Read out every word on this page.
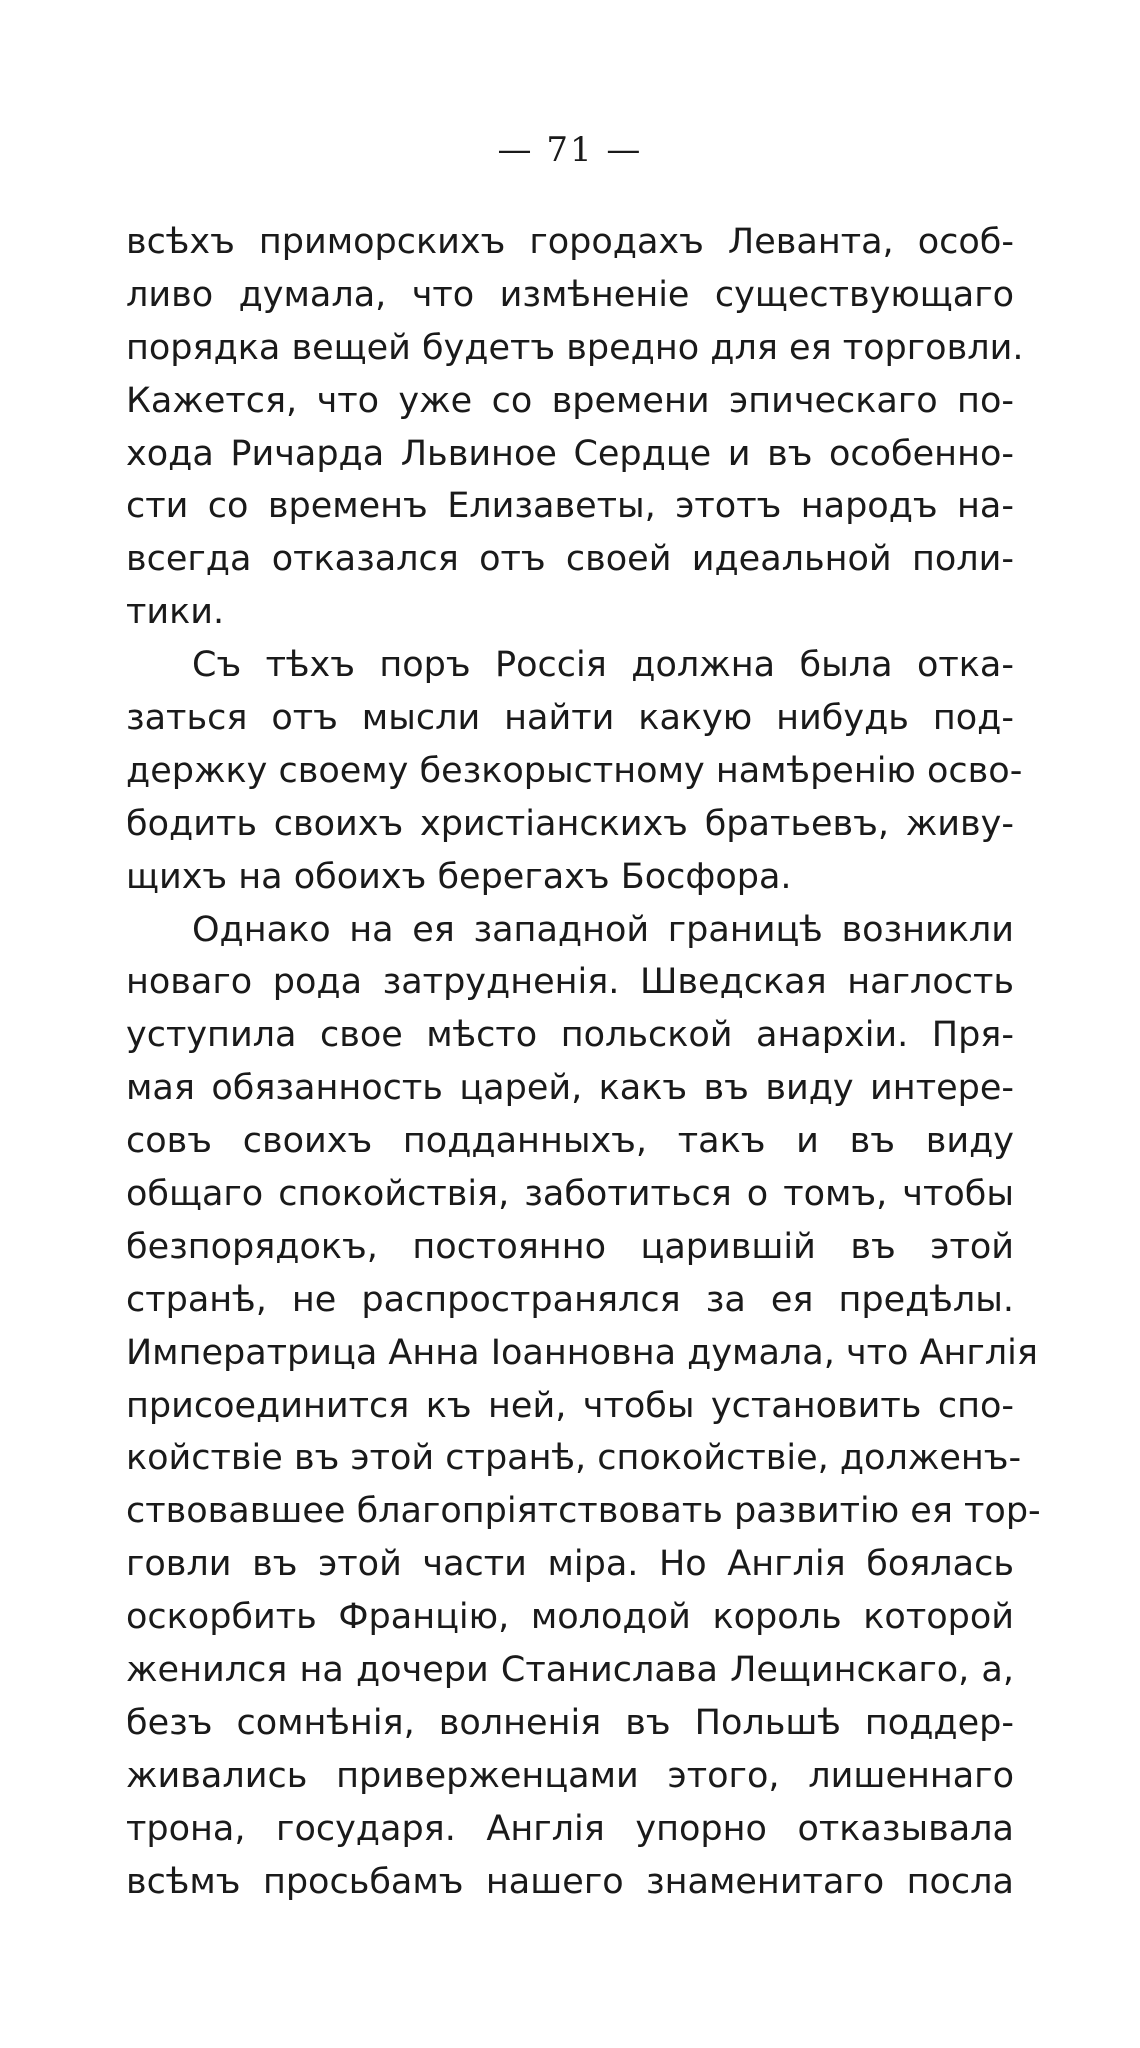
— 71 —
всѣхъ приморскихъ городахъ Леванта, особ-
ливо думала, что измѣненіе существующаго
порядка вещей будетъ вредно для ея торговли.
Кажется, что уже со времени эпическаго по-
хода Ричарда Львиное Сердце и въ особенно-
сти со временъ Елизаветы, этотъ народъ на-
всегда отказался отъ своей идеальной поли-
тики.
Съ тѣхъ поръ Россія должна была отка-
заться отъ мысли найти какую нибудь под-
держку своему безкорыстному намѣренію осво-
бодить своихъ христіанскихъ братьевъ, живу-
щихъ на обоихъ берегахъ Босфора.
Однако на ея западной границѣ возникли
новаго рода затрудненія. Шведская наглость
уступила свое мѣсто польской анархіи. Пря-
мая обязанность царей, какъ въ виду интере-
совъ своихъ подданныхъ, такъ и въ виду
общаго спокойствія, заботиться о томъ, чтобы
безпорядокъ, постоянно царившій въ этой
странѣ, не распространялся за ея предѣлы.
Императрица Анна Іоанновна думала, что Англія
присоединится къ ней, чтобы установить спо-
койствіе въ этой странѣ, спокойствіе, долженъ-
ствовавшее благопріятствовать развитію ея тор-
говли въ этой части міра. Но Англія боялась
оскорбить Францію, молодой король которой
женился на дочери Станислава Лещинскаго, а,
безъ сомнѣнія, волненія въ Польшѣ поддер-
живались приверженцами этого, лишеннаго
трона, государя. Англія упорно отказывала
всѣмъ просьбамъ нашего знаменитаго посла
